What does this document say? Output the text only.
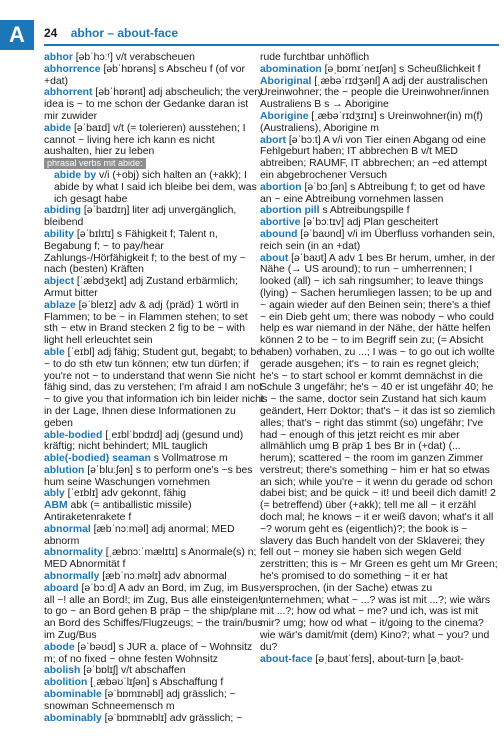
A	24 abhor – about-face
abhor [əbˈhɔːʳ] v/t verabscheuen
abhorrence [əbˈhɒrəns] s Abscheu f (of vor +dat)
abhorrent [əbˈhɒrənt] adj abscheulich; the very idea is ~ to me schon der Gedanke daran ist mir zuwider
abide [əˈbaɪd] v/t (= tolerieren) ausstehen; I cannot ~ living here ich kann es nicht aushalten, hier zu leben
phrasal verbs mit abide:
abide by v/i (+obj) sich halten an (+akk); I abide by what I said ich bleibe bei dem, was ich gesagt habe
abiding [əˈbaɪdɪŋ] liter adj unvergänglich, bleibend
ability [əˈbɪlɪtɪ] s Fähigkeit f; Talent n, Begabung f; ~ to pay/hear Zahlungs-/Hörfähigkeit f; to the best of my ~ nach (besten) Kräften
abject [ˈæbdʒekt] adj Zustand erbärmlich; Armut bitter
ablaze [əˈbleɪz] adv & adj ⟨präd⟩ 1 wörtl in Flammen; to be ~ in Flammen stehen; to set sth ~ etw in Brand stecken 2 fig to be ~ with light hell erleuchtet sein
able [ˈeɪbl] adj fähig; Student gut, begabt; to be ~ to do sth etw tun können; etw tun dürfen; if you're not ~ to understand that wenn Sie nicht fähig sind, das zu verstehen; I'm afraid I am not ~ to give you that information ich bin leider nicht in der Lage, Ihnen diese Informationen zu geben
able-bodied [ˌeɪblˈbɒdɪd] adj (gesund und) kräftig; nicht behindert; MIL tauglich
able(-bodied) seaman s Vollmatrose m
ablution [əˈbluːʃən] s to perform one's ~s bes hum seine Waschungen vornehmen
ably [ˈeɪblɪ] adv gekonnt, fähig
ABM abk (= antiballistic missile) Antiraketenrakete f
abnormal [æbˈnɔːməl] adj anormal; MED abnorm
abnormality [ˌæbnɔːˈmælɪtɪ] s Anormale(s) n; MED Abnormität f
abnormally [æbˈnɔːməlɪ] adv abnormal
aboard [əˈbɔːd] A adv an Bord, im Zug, im Bus; all ~! alle an Bord!; im Zug, Bus alle einsteigen!; to go ~ an Bord gehen B präp ~ the ship/plane an Bord des Schiffes/Flugzeugs; ~ the train/bus im Zug/Bus
abode [əˈbəʊd] s JUR a. place of ~ Wohnsitz m; of no fixed ~ ohne festen Wohnsitz
abolish [əˈbɒlɪʃ] v/t abschaffen
abolition [ˌæbəʊˈlɪʃən] s Abschaffung f
abominable [əˈbɒmɪnəbl] adj grässlich; ~ snowman Schneemensch m
abominably [əˈbɒmɪnəblɪ] adv grässlich; ~
rude furchtbar unhöflich
abomination [əˌbɒmɪˈneɪʃən] s Scheußlichkeit f
Aboriginal [ˌæbəˈrɪdʒənl] A adj der australischen Ureinwohner; the ~ people die Ureinwohner/innen Australiens B s → Aborigine
Aborigine [ˌæbəˈrɪdʒɪnɪ] s Ureinwohner(in) m(f) (Australiens), Aborigine m
abort [əˈbɔːt] A v/i von Tier einen Abgang od eine Fehlgeburt haben; IT abbrechen B v/t MED abtreiben; RAUMF, IT abbrechen; an ~ed attempt ein abgebrochener Versuch
abortion [əˈbɔːʃən] s Abtreibung f; to get od have an ~ eine Abtreibung vornehmen lassen
abortion pill s Abtreibungspille f
abortive [əˈbɔːtɪv] adj Plan gescheitert
abound [əˈbaʊnd] v/i im Überfluss vorhanden sein, reich sein (in an +dat)
about [əˈbaʊt] A adv 1 bes Br herum, umher, in der Nähe (→ US around); to run ~ umherrennen; I looked (all) ~ ich sah ringsumher; to leave things (lying) ~ Sachen herumliegen lassen; to be up and ~ again wieder auf den Beinen sein; there's a thief ~ ein Dieb geht um; there was nobody ~ who could help es war niemand in der Nähe, der hätte helfen können 2 to be ~ to im Begriff sein zu; (= Absicht haben) vorhaben, zu ...; I was ~ to go out ich wollte gerade ausgehen; it's ~ to rain es regnet gleich; he's ~ to start school er kommt demnächst in die Schule 3 ungefähr; he's ~ 40 er ist ungefähr 40; he is ~ the same, doctor sein Zustand hat sich kaum geändert, Herr Doktor; that's ~ it das ist so ziemlich alles; that's ~ right das stimmt (so) ungefähr; I've had ~ enough of this jetzt reicht es mir aber allmählich umg B präp 1 bes Br in (+dat) (... herum); scattered ~ the room im ganzen Zimmer verstreut; there's something ~ him er hat so etwas an sich; while you're ~ it wenn du gerade od schon dabei bist; and be quick ~ it! und beeil dich damit! 2 (= betreffend) über (+akk); tell me all ~ it erzähl doch mal; he knows ~ it er weiß davon; what's it all ~? worum geht es (eigentlich)?; the book is ~ slavery das Buch handelt von der Sklaverei; they fell out ~ money sie haben sich wegen Geld zerstritten; this is ~ Mr Green es geht um Mr Green; he's promised to do something ~ it er hat versprochen, (in der Sache) etwas zu unternehmen; what ~ ...? was ist mit ...?; wie wärs mit ...?; how od what ~ me? und ich, was ist mit mir? umg; how od what ~ it/going to the cinema? wie wär's damit/mit (dem) Kino?; what ~ you? und du?
about-face [əˌbaʊtˈfeɪs], about-turn [əˌbaʊt-
